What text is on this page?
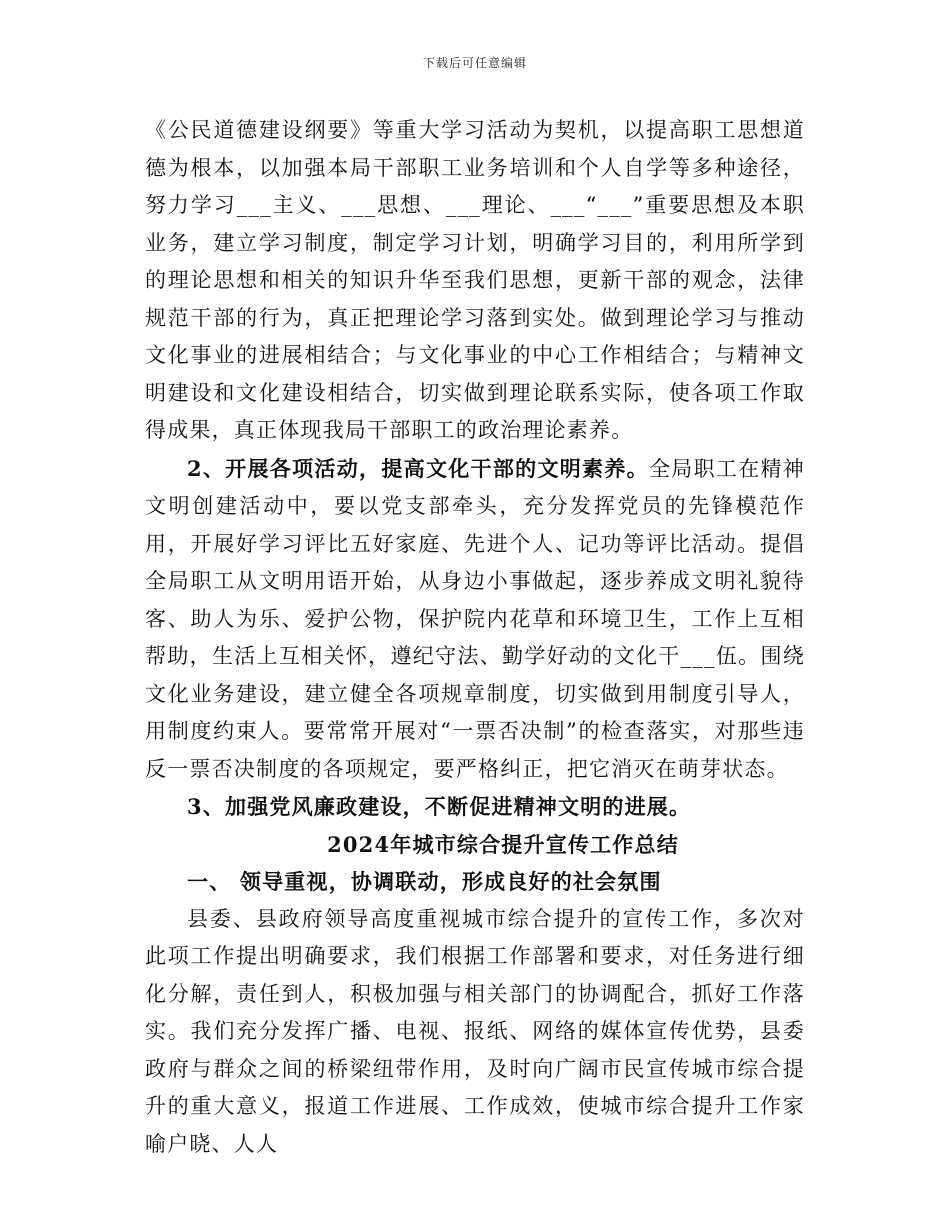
下载后可任意编辑

《公民道德建设纲要》等重大学习活动为契机，以提高职工思想道德为根本，以加强本局干部职工业务培训和个人自学等多种途径，努力学习___主义、___思想、___理论、___“___”重要思想及本职业务，建立学习制度，制定学习计划，明确学习目的，利用所学到的理论思想和相关的知识升华至我们思想，更新干部的观念，法律规范干部的行为，真正把理论学习落到实处。做到理论学习与推动文化事业的进展相结合；与文化事业的中心工作相结合；与精神文明建设和文化建设相结合，切实做到理论联系实际，使各项工作取得成果，真正体现我局干部职工的政治理论素养。

2、开展各项活动，提高文化干部的文明素养。全局职工在精神文明创建活动中，要以党支部牵头，充分发挥党员的先锋模范作用，开展好学习评比五好家庭、先进个人、记功等评比活动。提倡全局职工从文明用语开始，从身边小事做起，逐步养成文明礼貌待客、助人为乐、爱护公物，保护院内花草和环境卫生，工作上互相帮助，生活上互相关怀，遵纪守法、勤学好动的文化干___伍。围绕文化业务建设，建立健全各项规章制度，切实做到用制度引导人，用制度约束人。要常常开展对“一票否决制”的检查落实，对那些违反一票否决制度的各项规定，要严格纠正，把它消灭在萌芽状态。

3、加强党风廉政建设，不断促进精神文明的进展。

2024年城市综合提升宣传工作总结

一、 领导重视，协调联动，形成良好的社会氛围

县委、县政府领导高度重视城市综合提升的宣传工作，多次对此项工作提出明确要求，我们根据工作部署和要求，对任务进行细化分解，责任到人，积极加强与相关部门的协调配合，抓好工作落实。我们充分发挥广播、电视、报纸、网络的媒体宣传优势，县委政府与群众之间的桥梁纽带作用，及时向广阔市民宣传城市综合提升的重大意义，报道工作进展、工作成效，使城市综合提升工作家喻户晓、人人
